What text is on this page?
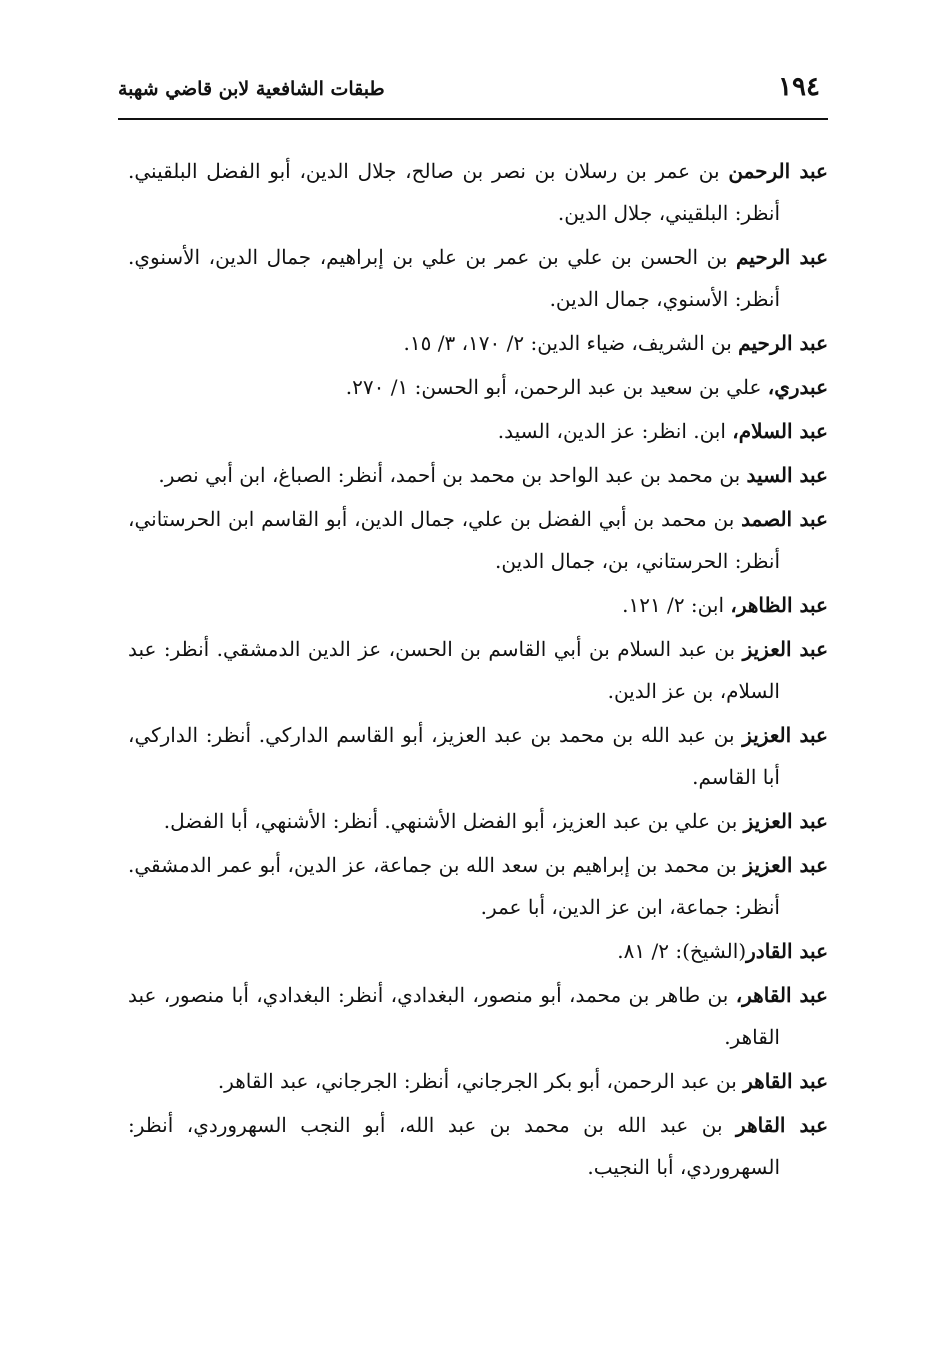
١٩٤
طبقات الشافعية لابن قاضي شهبة

عبد الرحمن بن عمر بن رسلان بن نصر بن صالح، جلال الدين، أبو الفضل البلقيني. أنظر: البلقيني، جلال الدين.

عبد الرحيم بن الحسن بن علي بن عمر بن علي بن إبراهيم، جمال الدين، الأسنوي. أنظر: الأسنوي، جمال الدين.

عبد الرحيم بن الشريف، ضياء الدين: ٢/ ١٧٠، ٣/ ١٥.

عبدري، علي بن سعيد بن عبد الرحمن، أبو الحسن: ١/ ٢٧٠.

عبد السلام، ابن. انظر: عز الدين، السيد.

عبد السيد بن محمد بن عبد الواحد بن محمد بن أحمد، أنظر: الصباغ، ابن أبي نصر.

عبد الصمد بن محمد بن أبي الفضل بن علي، جمال الدين، أبو القاسم ابن الحرستاني، أنظر: الحرستاني، بن، جمال الدين.

عبد الظاهر، ابن: ٢/ ١٢١.

عبد العزيز بن عبد السلام بن أبي القاسم بن الحسن، عز الدين الدمشقي. أنظر: عبد السلام، بن عز الدين.

عبد العزيز بن عبد الله بن محمد بن عبد العزيز، أبو القاسم الداركي. أنظر: الداركي، أبا القاسم.

عبد العزيز بن علي بن عبد العزيز، أبو الفضل الأشنهي. أنظر: الأشنهي، أبا الفضل.

عبد العزيز بن محمد بن إبراهيم بن سعد الله بن جماعة، عز الدين، أبو عمر الدمشقي. أنظر: جماعة، ابن عز الدين، أبا عمر.

عبد القادر(الشيخ): ٢/ ٨١.

عبد القاهر، بن طاهر بن محمد، أبو منصور، البغدادي، أنظر: البغدادي، أبا منصور، عبد القاهر.

عبد القاهر بن عبد الرحمن، أبو بكر الجرجاني، أنظر: الجرجاني، عبد القاهر.

عبد القاهر بن عبد الله بن محمد بن عبد الله، أبو النجب السهروردي، أنظر: السهروردي، أبا النجيب.
